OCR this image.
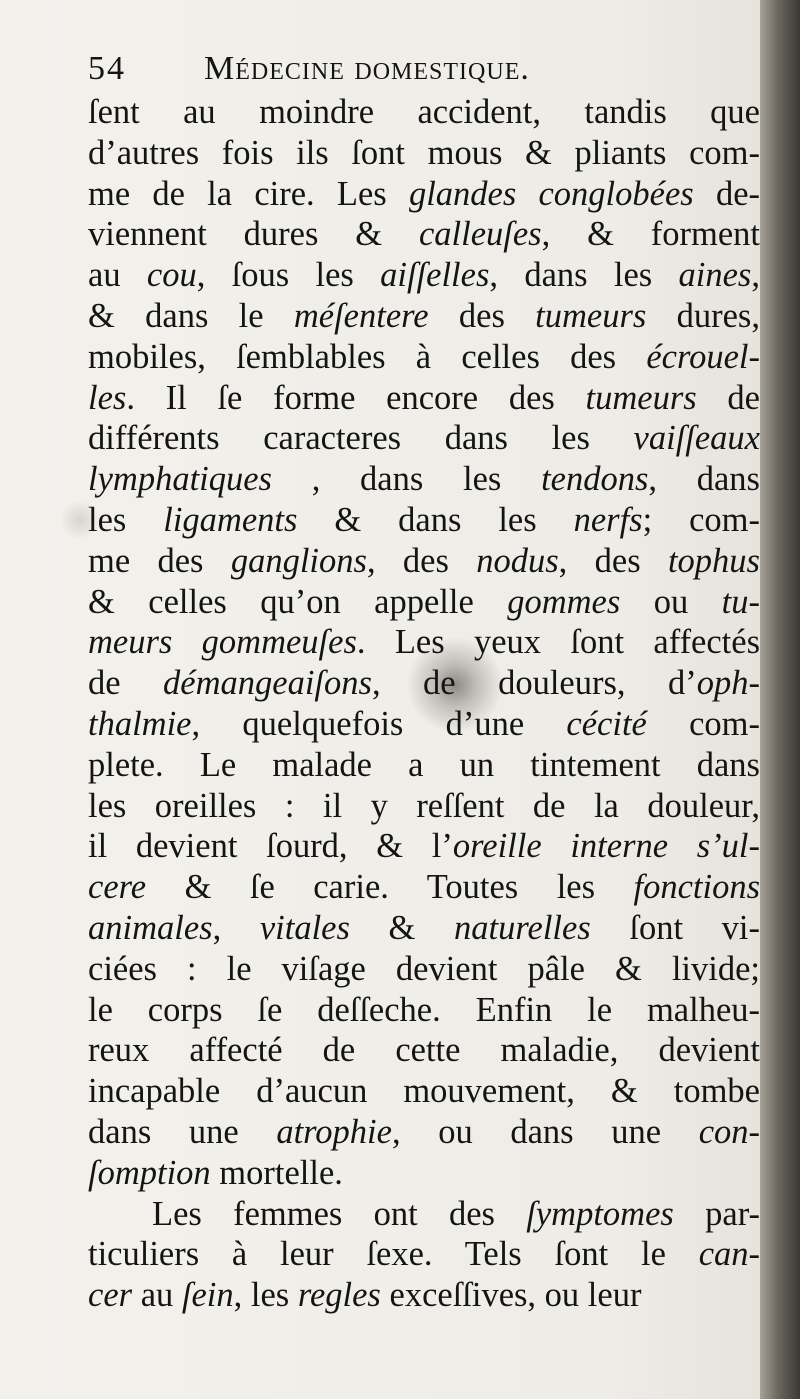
54 Médecine domestique.
ſent au moindre accident, tandis que
d’autres fois ils ſont mous & pliants com-
me de la cire. Les glandes conglobées de-
viennent dures & calleuſes, & forment
au cou, ſous les aiſſelles, dans les aines,
& dans le méſentere des tumeurs dures,
mobiles, ſemblables à celles des écrouel-
les. Il ſe forme encore des tumeurs de
différents caracteres dans les vaiſſeaux
lymphatiques , dans les tendons, dans
les ligaments & dans les nerfs; com-
me des ganglions, des nodus, des tophus
& celles qu’on appelle gommes ou tu-
meurs gommeuſes. Les yeux ſont affectés
de démangeaiſons, de douleurs, d’oph-
thalmie, quelquefois d’une cécité com-
plete. Le malade a un tintement dans
les oreilles : il y reſſent de la douleur,
il devient ſourd, & l’oreille interne s’ul-
cere & ſe carie. Toutes les fonctions
animales, vitales & naturelles ſont vi-
ciées : le viſage devient pâle & livide;
le corps ſe deſſeche. Enfin le malheu-
reux affecté de cette maladie, devient
incapable d’aucun mouvement, & tombe
dans une atrophie, ou dans une con-
ſomption mortelle.
Les femmes ont des ſymptomes par-
ticuliers à leur ſexe. Tels ſont le can-
cer au ſein, les regles exceſſives, ou leur
